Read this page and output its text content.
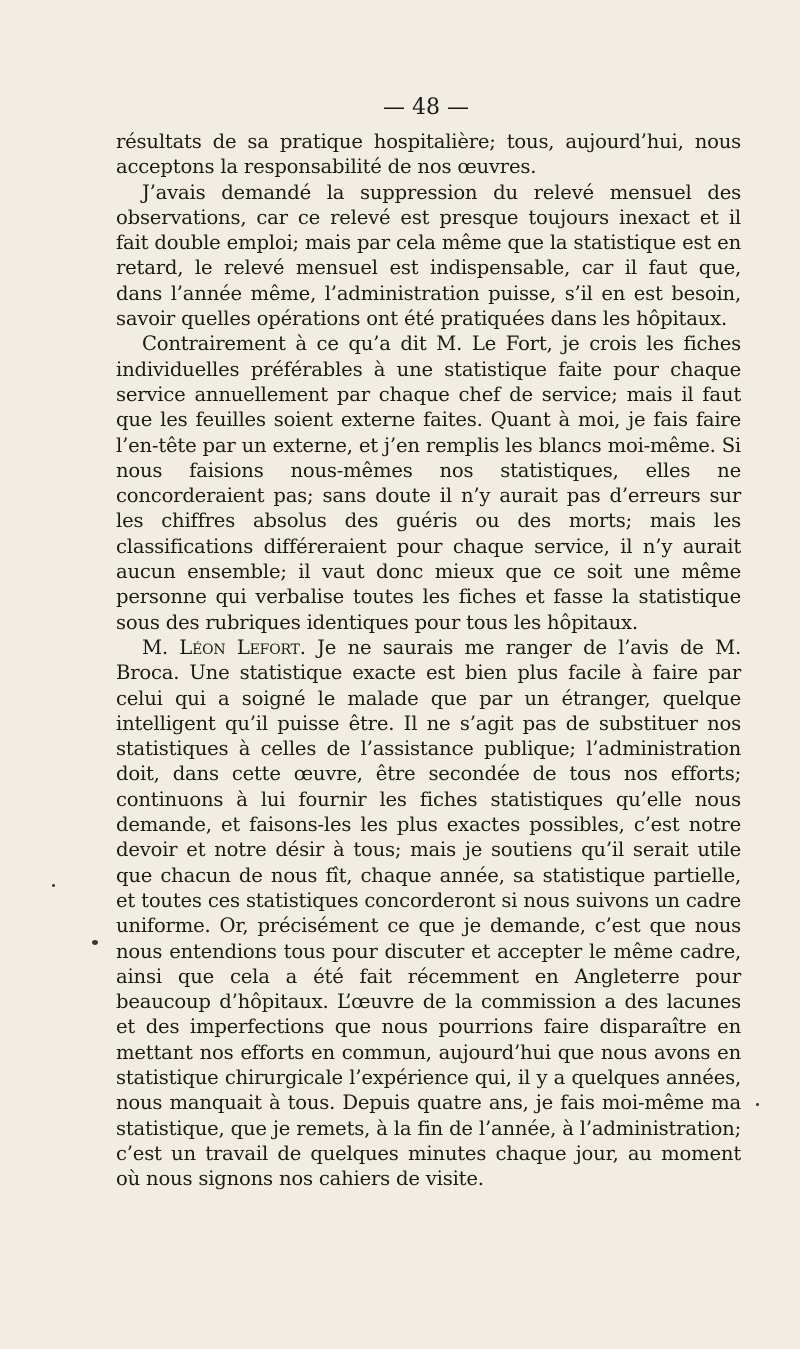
— 48 —

résultats de sa pratique hospitalière; tous, aujourd’hui, nous acceptons la responsabilité de nos œuvres.

J’avais demandé la suppression du relevé mensuel des observations, car ce relevé est presque toujours inexact et il fait double emploi; mais par cela même que la statistique est en retard, le relevé mensuel est indispensable, car il faut que, dans l’année même, l’administration puisse, s’il en est besoin, savoir quelles opérations ont été pratiquées dans les hôpitaux.

Contrairement à ce qu’a dit M. Le Fort, je crois les fiches individuelles préférables à une statistique faite pour chaque service annuellement par chaque chef de service; mais il faut que les feuilles soient externe faites. Quant à moi, je fais faire l’en-tête par un externe, et j’en remplis les blancs moi-même. Si nous faisions nous-mêmes nos statistiques, elles ne concorderaient pas; sans doute il n’y aurait pas d’erreurs sur les chiffres absolus des guéris ou des morts; mais les classifications différeraient pour chaque service, il n’y aurait aucun ensemble; il vaut donc mieux que ce soit une même personne qui verbalise toutes les fiches et fasse la statistique sous des rubriques identiques pour tous les hôpitaux.

M. Léon Lefort. Je ne saurais me ranger de l’avis de M. Broca. Une statistique exacte est bien plus facile à faire par celui qui a soigné le malade que par un étranger, quelque intelligent qu’il puisse être. Il ne s’agit pas de substituer nos statistiques à celles de l’assistance publique; l’administration doit, dans cette œuvre, être secondée de tous nos efforts; continuons à lui fournir les fiches statistiques qu’elle nous demande, et faisons-les les plus exactes possibles, c’est notre devoir et notre désir à tous; mais je soutiens qu’il serait utile que chacun de nous fît, chaque année, sa statistique partielle, et toutes ces statistiques concorderont si nous suivons un cadre uniforme. Or, précisément ce que je demande, c’est que nous nous entendions tous pour discuter et accepter le même cadre, ainsi que cela a été fait récemment en Angleterre pour beaucoup d’hôpitaux. L’œuvre de la commission a des lacunes et des imperfections que nous pourrions faire disparaître en mettant nos efforts en commun, aujourd’hui que nous avons en statistique chirurgicale l’expérience qui, il y a quelques années, nous manquait à tous. Depuis quatre ans, je fais moi-même ma statistique, que je remets, à la fin de l’année, à l’administration; c’est un travail de quelques minutes chaque jour, au moment où nous signons nos cahiers de visite.
